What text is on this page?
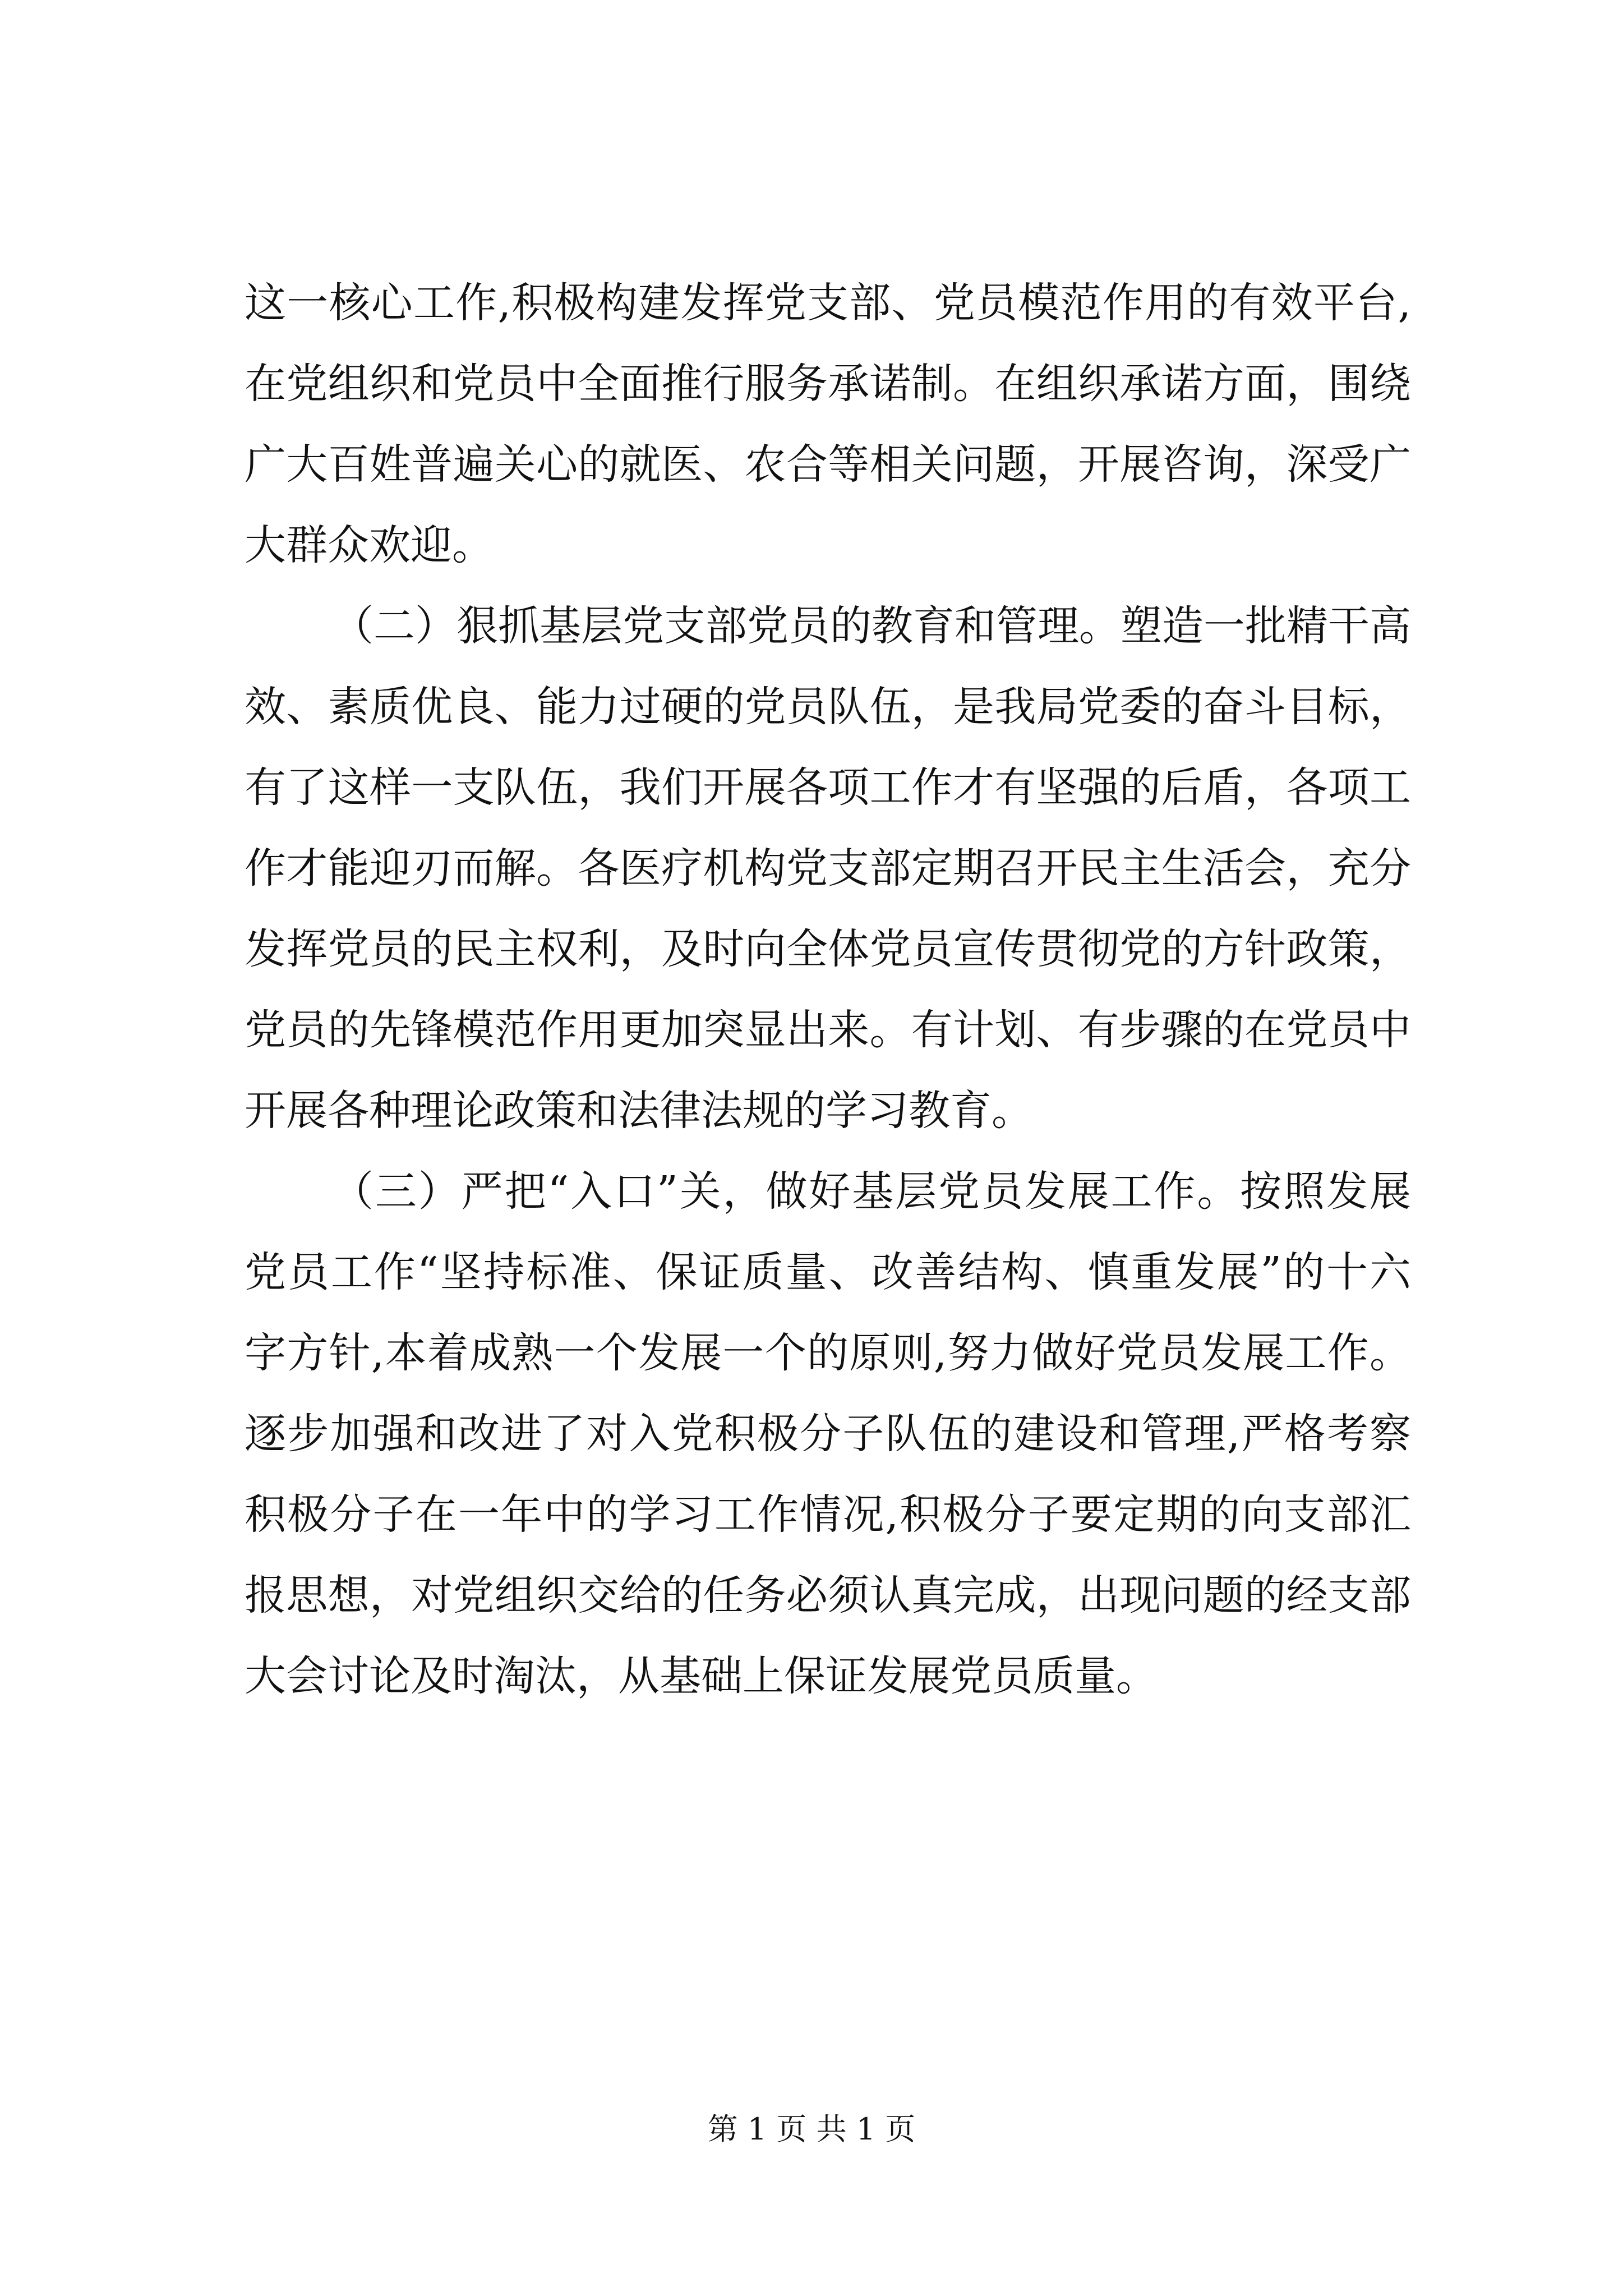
这一核心工作,积极构建发挥党支部、党员模范作用的有效平台,
在党组织和党员中全面推行服务承诺制。在组织承诺方面，围绕
广大百姓普遍关心的就医、农合等相关问题，开展咨询，深受广
大群众欢迎。
（二）狠抓基层党支部党员的教育和管理。塑造一批精干高
效、素质优良、能力过硬的党员队伍，是我局党委的奋斗目标，
有了这样一支队伍，我们开展各项工作才有坚强的后盾，各项工
作才能迎刃而解。各医疗机构党支部定期召开民主生活会，充分
发挥党员的民主权利，及时向全体党员宣传贯彻党的方针政策，
党员的先锋模范作用更加突显出来。有计划、有步骤的在党员中
开展各种理论政策和法律法规的学习教育。
（三）严把“入口”关，做好基层党员发展工作。按照发展
党员工作“坚持标准、保证质量、改善结构、慎重发展”的十六
字方针,本着成熟一个发展一个的原则,努力做好党员发展工作。
逐步加强和改进了对入党积极分子队伍的建设和管理,严格考察
积极分子在一年中的学习工作情况,积极分子要定期的向支部汇
报思想，对党组织交给的任务必须认真完成，出现问题的经支部
大会讨论及时淘汰，从基础上保证发展党员质量。
第 1 页 共 1 页
